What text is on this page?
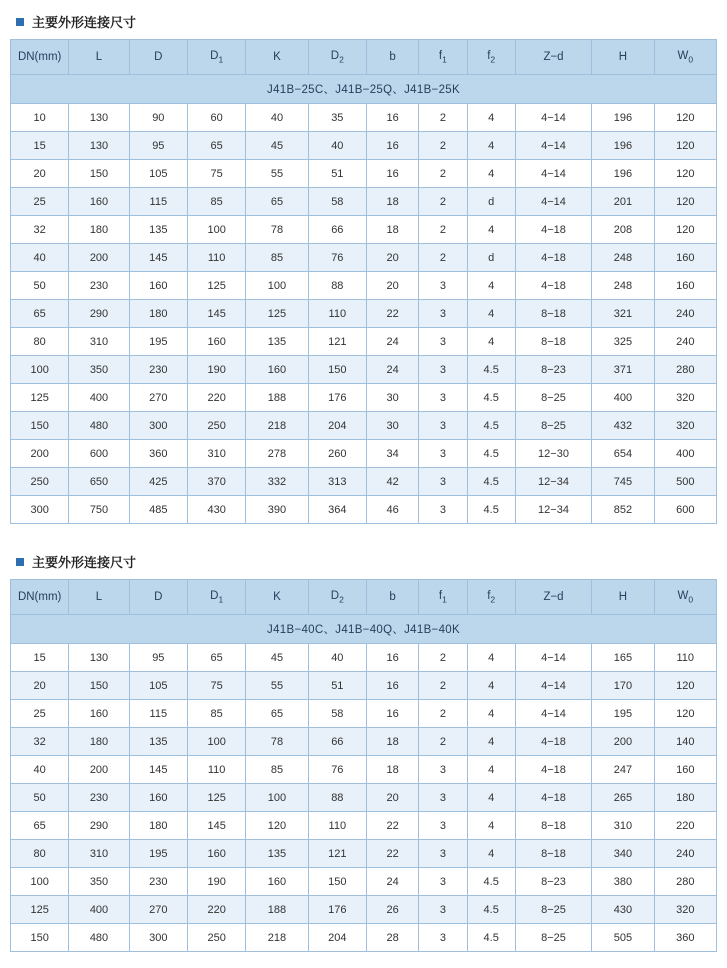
主要外形连接尺寸
DN(mm)	L	D	$D_1$	K	$D_2$	b	$f_1$	$f_2$	Z−d	H	$W_0$
J41B−25C、J41B−25Q、J41B−25K											
10	130	90	60	40	35	16	2	4	4−14	196	120
15	130	95	65	45	40	16	2	4	4−14	196	120
20	150	105	75	55	51	16	2	4	4−14	196	120
25	160	115	85	65	58	18	2	d	4−14	201	120
32	180	135	100	78	66	18	2	4	4−18	208	120
40	200	145	110	85	76	20	2	d	4−18	248	160
50	230	160	125	100	88	20	3	4	4−18	248	160
65	290	180	145	125	110	22	3	4	8−18	321	240
80	310	195	160	135	121	24	3	4	8−18	325	240
100	350	230	190	160	150	24	3	4.5	8−23	371	280
125	400	270	220	188	176	30	3	4.5	8−25	400	320
150	480	300	250	218	204	30	3	4.5	8−25	432	320
200	600	360	310	278	260	34	3	4.5	12−30	654	400
250	650	425	370	332	313	42	3	4.5	12−34	745	500
300	750	485	430	390	364	46	3	4.5	12−34	852	600
主要外形连接尺寸
DN(mm)	L	D	$D_1$	K	$D_2$	b	$f_1$	$f_2$	Z−d	H	$W_0$
J41B−40C、J41B−40Q、J41B−40K											
15	130	95	65	45	40	16	2	4	4−14	165	110
20	150	105	75	55	51	16	2	4	4−14	170	120
25	160	115	85	65	58	16	2	4	4−14	195	120
32	180	135	100	78	66	18	2	4	4−18	200	140
40	200	145	110	85	76	18	3	4	4−18	247	160
50	230	160	125	100	88	20	3	4	4−18	265	180
65	290	180	145	120	110	22	3	4	8−18	310	220
80	310	195	160	135	121	22	3	4	8−18	340	240
100	350	230	190	160	150	24	3	4.5	8−23	380	280
125	400	270	220	188	176	26	3	4.5	8−25	430	320
150	480	300	250	218	204	28	3	4.5	8−25	505	360
